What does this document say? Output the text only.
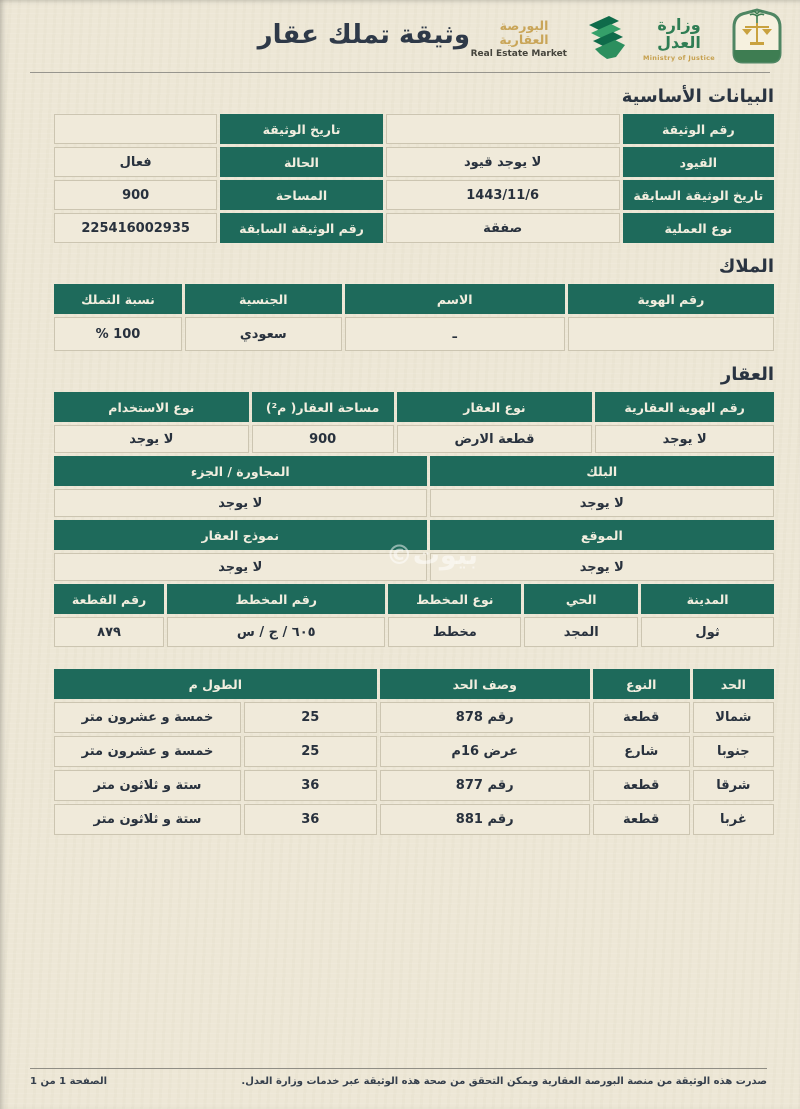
وثيقة تملك عقار	وزارة العدل
Ministry of Justice
البورصة العقارية
Real Estate Market
البيانات الأساسية
رقم الوثيقة
تاريخ الوثيقة
القيود
لا يوجد قيود
الحالة
فعال
تاريخ الوثيقة السابقة
1443/11/6
المساحة
900
نوع العملية
صفقة
رقم الوثيقة السابقة
225416002935
الملاك
رقم الهوية
الاسم
الجنسية
نسبة التملك
ـ
سعودي
100 %
العقار
رقم الهوية العقارية
نوع العقار
مساحة العقار( م²)
نوع الاستخدام
لا يوجد
قطعة الارض
900
لا يوجد
البلك
المجاورة / الجزء
لا يوجد
لا يوجد
الموقع
نموذج العقار
لا يوجد
لا يوجد
المدينة
الحي
نوع المخطط
رقم المخطط
رقم القطعة
ثول
المجد
مخطط
٦٠٥ / ج / س
٨٧٩
الحد
النوع
وصف الحد
الطول م
شمالا
قطعة
رقم 878
25
خمسة و عشرون متر
جنوبا
شارع
عرض 16م
25
خمسة و عشرون متر
شرقا
قطعة
رقم 877
36
ستة و ثلاثون متر
غربا
قطعة
رقم 881
36
ستة و ثلاثون متر
بيوت©
صدرت هذه الوثيقة من منصة البورصة العقارية ويمكن التحقق من صحة هذه الوثيقة عبر خدمات وزارة العدل.
الصفحة 1 من 1
